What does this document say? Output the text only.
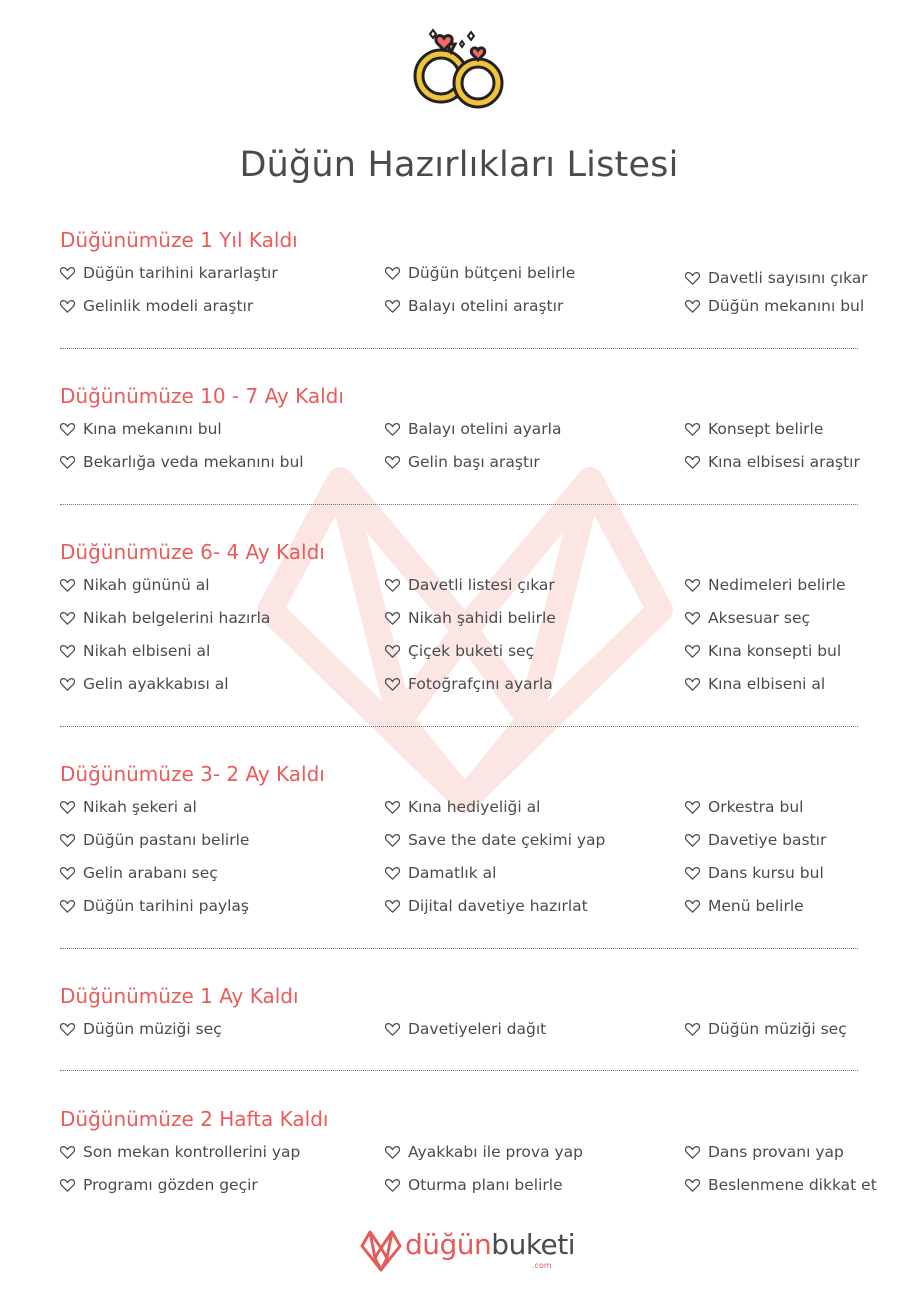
Düğün Hazırlıkları Listesi
Düğünümüze 1 Yıl Kaldı
Düğün tarihini kararlaştır	Düğün bütçeni belirle	Davetli sayısını çıkar
Gelinlik modeli araştır	Balayı otelini araştır	Düğün mekanını bul
Düğünümüze 10 - 7 Ay Kaldı
Kına mekanını bul	Balayı otelini ayarla	Konsept belirle
Bekarlığa veda mekanını bul	Gelin başı araştır	Kına elbisesi araştır
Düğünümüze 6- 4 Ay Kaldı
Nikah gününü al	Davetli listesi çıkar	Nedimeleri belirle
Nikah belgelerini hazırla	Nikah şahidi belirle	Aksesuar seç
Nikah elbiseni al	Çiçek buketi seç	Kına konsepti bul
Gelin ayakkabısı al	Fotoğrafçını ayarla	Kına elbiseni al
Düğünümüze 3- 2 Ay Kaldı
Nikah şekeri al	Kına hediyeliği al	Orkestra bul
Düğün pastanı belirle	Save the date çekimi yap	Davetiye bastır
Gelin arabanı seç	Damatlık al	Dans kursu bul
Düğün tarihini paylaş	Dijital davetiye hazırlat	Menü belirle
Düğünümüze 1 Ay Kaldı
Düğün müziği seç	Davetiyeleri dağıt	Düğün müziği seç
Düğünümüze 2 Hafta Kaldı
Son mekan kontrollerini yap	Ayakkabı ile prova yap	Dans provanı yap
Programı gözden geçir	Oturma planı belirle	Beslenmene dikkat et
düğünbuketi
.com
